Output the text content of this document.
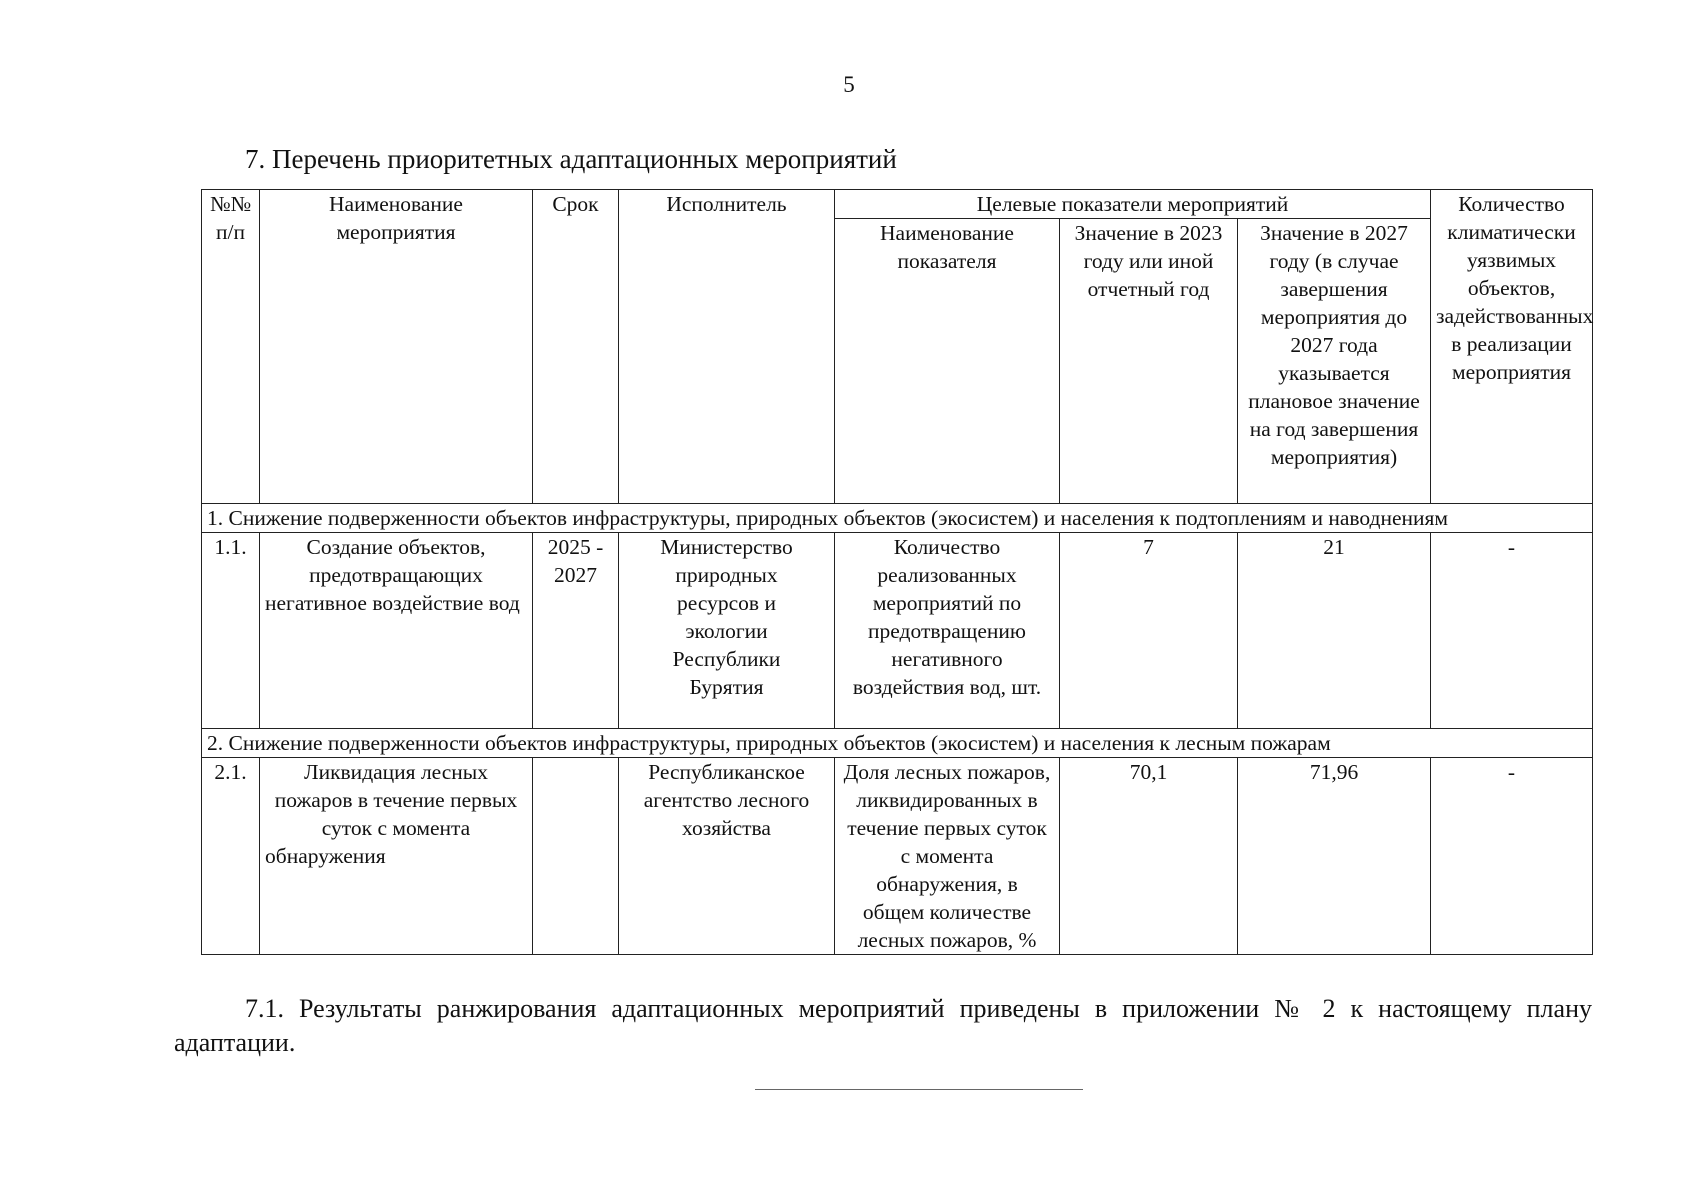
5
7. Перечень приоритетных адаптационных мероприятий
№№ п/п	Наименование мероприятия	Срок	Исполнитель	Целевые показатели мероприятий			Количество климатически уязвимых объектов, задействованных в реализации мероприятия
				Наименование показателя	Значение в 2023 году или иной отчетный год	Значение в 2027 году (в случае завершения мероприятия до 2027 года указывается плановое значение на год завершения мероприятия)	
1. Снижение подверженности объектов инфраструктуры, природных объектов (экосистем) и населения к подтоплениям и наводнениям							
1.1.	Создание объектов, предотвращающих негативное воздействие вод	2025 - 2027	Министерство природных ресурсов и экологии Республики Бурятия	Количество реализованных мероприятий по предотвращению негативного воздействия вод, шт.	7	21	-
2. Снижение подверженности объектов инфраструктуры, природных объектов (экосистем) и населения к лесным пожарам							
2.1.	Ликвидация лесных пожаров в течение первых суток с момента обнаружения		Республиканское агентство лесного хозяйства	Доля лесных пожаров, ликвидированных в течение первых суток с момента обнаружения, в общем количестве лесных пожаров, %	70,1	71,96	-
7.1. Результаты ранжирования адаптационных мероприятий приведены в приложении № 2 к настоящему плану адаптации.
